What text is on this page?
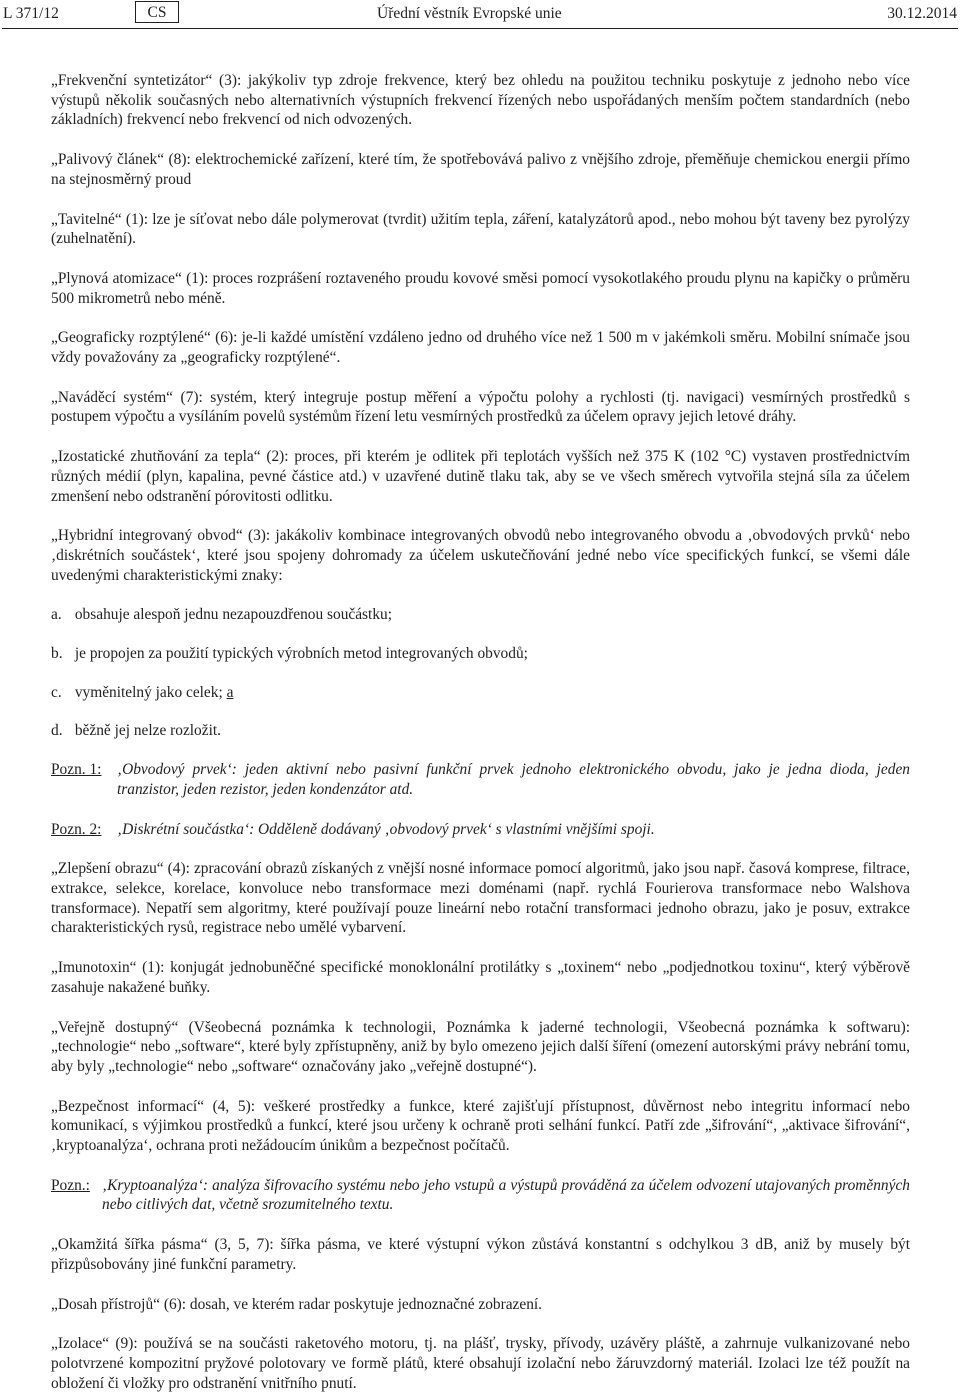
L 371/12	CS	Úřední věstník Evropské unie	30.12.2014

„Frekvenční syntetizátor“ (3): jakýkoliv typ zdroje frekvence, který bez ohledu na použitou techniku poskytuje z jednoho nebo více výstupů několik současných nebo alternativních výstupních frekvencí řízených nebo uspořádaných menším počtem standardních (nebo základních) frekvencí nebo frekvencí od nich odvozených.

„Palivový článek“ (8): elektrochemické zařízení, které tím, že spotřebovává palivo z vnějšího zdroje, přeměňuje chemickou energii přímo na stejnosměrný proud

„Tavitelné“ (1): lze je síťovat nebo dále polymerovat (tvrdit) užitím tepla, záření, katalyzátorů apod., nebo mohou být taveny bez pyrolýzy (zuhelnatění).

„Plynová atomizace“ (1): proces rozprášení roztaveného proudu kovové směsi pomocí vysokotlakého proudu plynu na kapičky o průměru 500 mikrometrů nebo méně.

„Geograficky rozptýlené“ (6): je-li každé umístění vzdáleno jedno od druhého více než 1 500 m v jakémkoli směru. Mobilní snímače jsou vždy považovány za „geograficky rozptýlené“.

„Naváděcí systém“ (7): systém, který integruje postup měření a výpočtu polohy a rychlosti (tj. navigaci) vesmírných prostředků s postupem výpočtu a vysíláním povelů systémům řízení letu vesmírných prostředků za účelem opravy jejich letové dráhy.

„Izostatické zhutňování za tepla“ (2): proces, při kterém je odlitek při teplotách vyšších než 375 K (102 °C) vystaven prostřednictvím různých médií (plyn, kapalina, pevné částice atd.) v uzavřené dutině tlaku tak, aby se ve všech směrech vytvořila stejná síla za účelem zmenšení nebo odstranění pórovitosti odlitku.

„Hybridní integrovaný obvod“ (3): jakákoliv kombinace integrovaných obvodů nebo integrovaného obvodu a ‚obvodových prvků‘ nebo ‚diskrétních součástek‘, které jsou spojeny dohromady za účelem uskutečňování jedné nebo více specifických funkcí, se všemi dále uvedenými charakteristickými znaky:

a. obsahuje alespoň jednu nezapouzdřenou součástku;
b. je propojen za použití typických výrobních metod integrovaných obvodů;
c. vyměnitelný jako celek; a
d. běžně jej nelze rozložit.
Pozn. 1:	‚Obvodový prvek‘: jeden aktivní nebo pasivní funkční prvek jednoho elektronického obvodu, jako je jedna dioda, jeden tranzistor, jeden rezistor, jeden kondenzátor atd.
Pozn. 2:	‚Diskrétní součástka‘: Odděleně dodávaný ‚obvodový prvek‘ s vlastními vnějšími spoji.

„Zlepšení obrazu“ (4): zpracování obrazů získaných z vnější nosné informace pomocí algoritmů, jako jsou např. časová komprese, filtrace, extrakce, selekce, korelace, konvoluce nebo transformace mezi doménami (např. rychlá Fourierova transformace nebo Walshova transformace). Nepatří sem algoritmy, které používají pouze lineární nebo rotační transformaci jednoho obrazu, jako je posuv, extrakce charakteristických rysů, registrace nebo umělé vybarvení.

„Imunotoxin“ (1): konjugát jednobuněčné specifické monoklonální protilátky s „toxinem“ nebo „podjednotkou toxinu“, který výběrově zasahuje nakažené buňky.

„Veřejně dostupný“ (Všeobecná poznámka k technologii, Poznámka k jaderné technologii, Všeobecná poznámka k softwaru): „technologie“ nebo „software“, které byly zpřístupněny, aniž by bylo omezeno jejich další šíření (omezení autorskými právy nebrání tomu, aby byly „technologie“ nebo „software“ označovány jako „veřejně dostupné“).

„Bezpečnost informací“ (4, 5): veškeré prostředky a funkce, které zajišťují přístupnost, důvěrnost nebo integritu informací nebo komunikací, s výjimkou prostředků a funkcí, které jsou určeny k ochraně proti selhání funkcí. Patří zde „šifrování“, „aktivace šifrování“, ‚kryptoanalýza‘, ochrana proti nežádoucím únikům a bezpečnost počítačů.

Pozn.: ‚Kryptoanalýza‘: analýza šifrovacího systému nebo jeho vstupů a výstupů prováděná za účelem odvození utajovaných proměnných nebo citlivých dat, včetně srozumitelného textu.

„Okamžitá šířka pásma“ (3, 5, 7): šířka pásma, ve které výstupní výkon zůstává konstantní s odchylkou 3 dB, aniž by musely být přizpůsobovány jiné funkční parametry.

„Dosah přístrojů“ (6): dosah, ve kterém radar poskytuje jednoznačné zobrazení.

„Izolace“ (9): používá se na součásti raketového motoru, tj. na plášť, trysky, přívody, uzávěry pláště, a zahrnuje vulkanizované nebo polotvrzené kompozitní pryžové polotovary ve formě plátů, které obsahují izolační nebo žáruvzdorný materiál. Izolaci lze též použít na obložení či vložky pro odstranění vnitřního pnutí.
